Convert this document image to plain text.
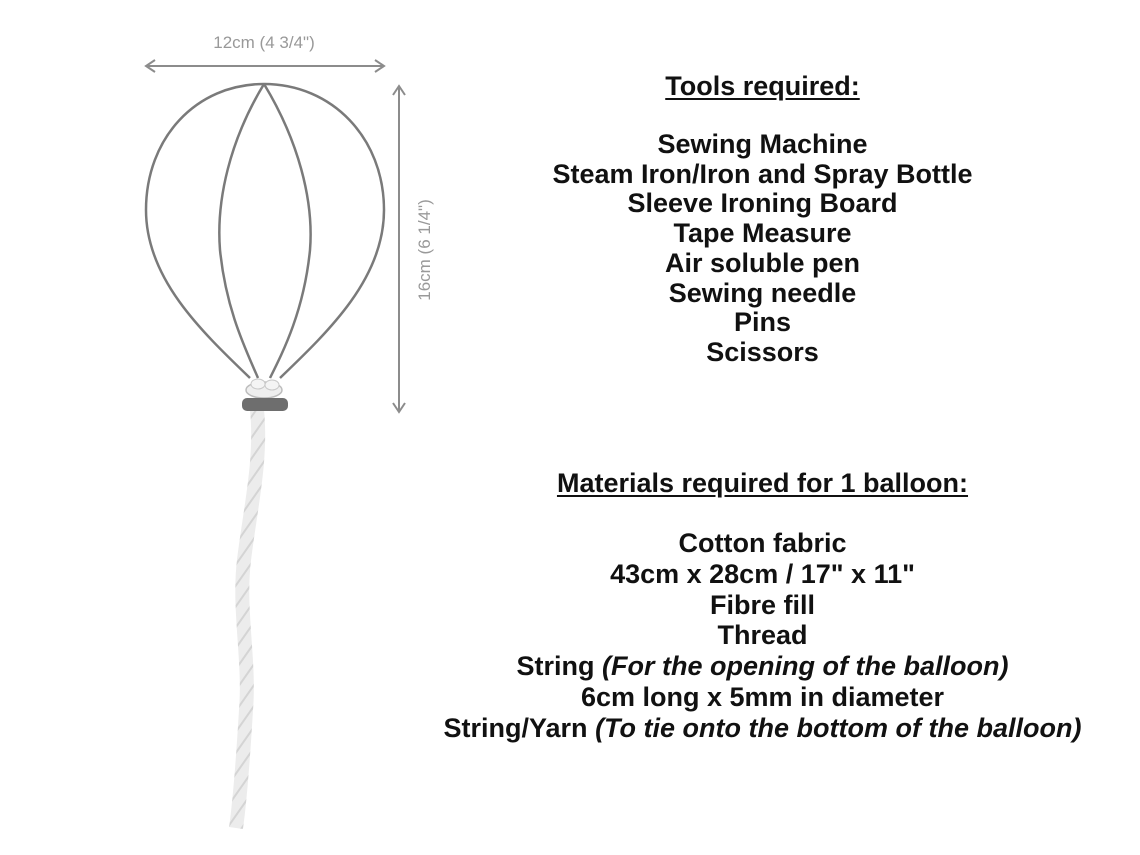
12cm (4 3/4")
16cm (6 1/4")
Tools required:
Sewing Machine
Steam Iron/Iron and Spray Bottle
Sleeve Ironing Board
Tape Measure
Air soluble pen
Sewing needle
Pins
Scissors
Materials required for 1 balloon:
Cotton fabric
43cm x 28cm / 17" x 11"
Fibre fill
Thread
String (For the opening of the balloon)
6cm long x 5mm in diameter
String/Yarn (To tie onto the bottom of the balloon)
